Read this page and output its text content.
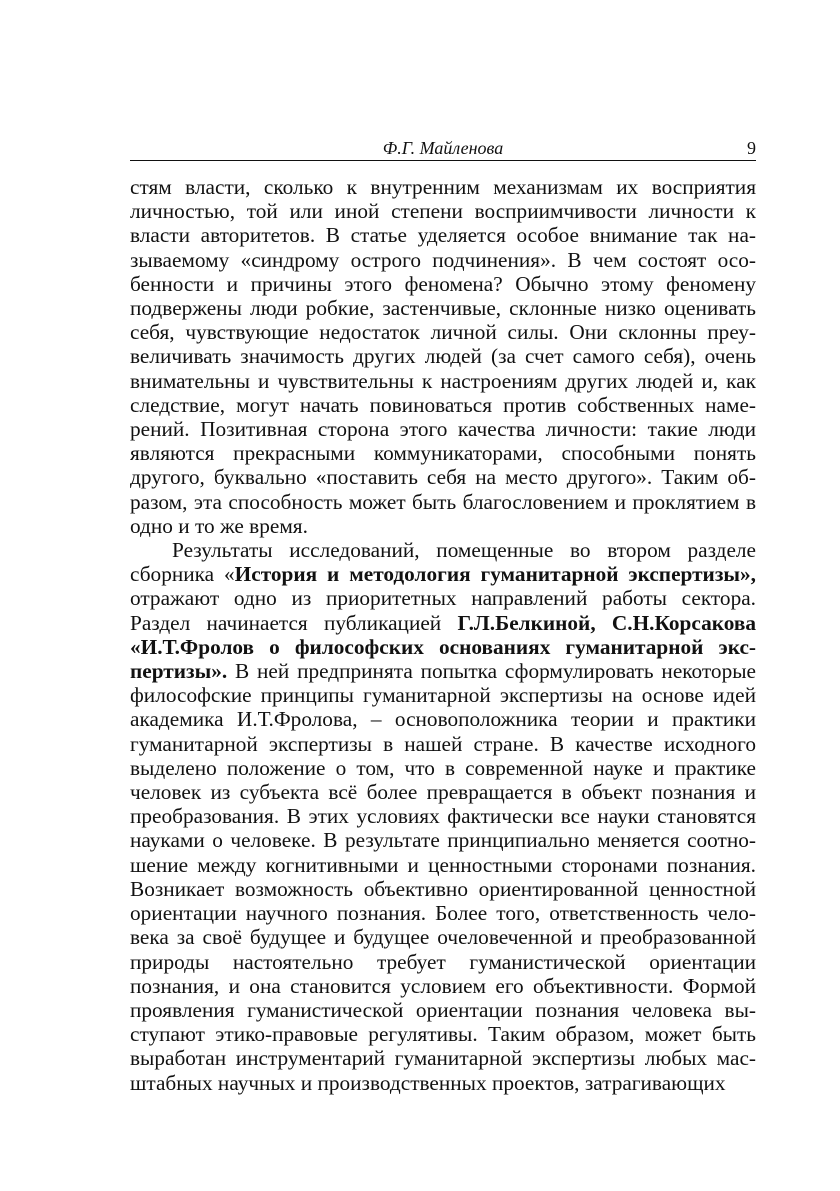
Ф.Г. Майленова	9

стям власти, сколько к внутренним механизмам их восприятия личностью, той или иной степени восприимчивости личности к власти авторитетов. В статье уделяется особое внимание так называемому «синдрому острого подчинения». В чем состоят особенности и причины этого феномена? Обычно этому феномену подвержены люди робкие, застенчивые, склонные низко оценивать себя, чувствующие недостаток личной силы. Они склонны преувеличивать значимость других людей (за счет самого себя), очень внимательны и чувствительны к настроениям других людей и, как следствие, могут начать повиноваться против собственных намерений. Позитивная сторона этого качества личности: такие люди являются прекрасными коммуникаторами, способными понять другого, буквально «поставить себя на место другого». Таким образом, эта способность может быть благословением и проклятием в одно и то же время.

Результаты исследований, помещенные во втором разделе сборника «История и методология гуманитарной экспертизы», отражают одно из приоритетных направлений работы сектора. Раздел начинается публикацией Г.Л.Белкиной, С.Н.Корсакова «И.Т.Фролов о философских основаниях гуманитарной экспертизы». В ней предпринята попытка сформулировать некоторые философские принципы гуманитарной экспертизы на основе идей академика И.Т.Фролова, – основоположника теории и практики гуманитарной экспертизы в нашей стране. В качестве исходного выделено положение о том, что в современной науке и практике человек из субъекта всё более превращается в объект познания и преобразования. В этих условиях фактически все науки становятся науками о человеке. В результате принципиально меняется соотношение между когнитивными и ценностными сторонами познания. Возникает возможность объективно ориентированной ценностной ориентации научного познания. Более того, ответственность человека за своё будущее и будущее очеловеченной и преобразованной природы настоятельно требует гуманистической ориентации познания, и она становится условием его объективности. Формой проявления гуманистической ориентации познания человека выступают этико-правовые регулятивы. Таким образом, может быть выработан инструментарий гуманитарной экспертизы любых масштабных научных и производственных проектов, затрагивающих
